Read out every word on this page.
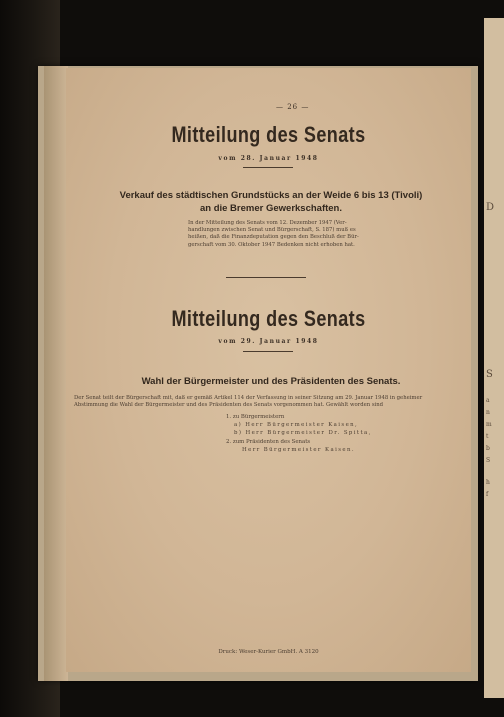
D
S
a
n
m
t
b
S
h
f
— 26 —
Mitteilung des Senats
vom 28. Januar 1948
Verkauf des städtischen Grundstücks an der Weide 6 bis 13 (Tivoli)
an die Bremer Gewerkschaften.
In der Mitteilung des Senats vom 12. Dezember 1947 (Ver-
handlungen zwischen Senat und Bürgerschaft, S. 187) muß es
heißen, daß die Finanzdeputation gegen den Beschluß der Bür-
gerschaft vom 30. Oktober 1947 Bedenken nicht erhoben hat.
Mitteilung des Senats
vom 29. Januar 1948
Wahl der Bürgermeister und des Präsidenten des Senats.
Der Senat teilt der Bürgerschaft mit, daß er gemäß Artikel 114 der Verfassung in seiner Sitzung am 29. Januar 1948 in geheimer
Abstimmung die Wahl der Bürgermeister und des Präsidenten des Senats vorgenommen hat. Gewählt worden sind
1. zu Bürgermeistern
a) Herr Bürgermeister Kaisen,
b) Herr Bürgermeister Dr. Spitta,
2. zum Präsidenten des Senats
Herr Bürgermeister Kaisen.
Druck: Weser-Kurier GmbH. A 3120
